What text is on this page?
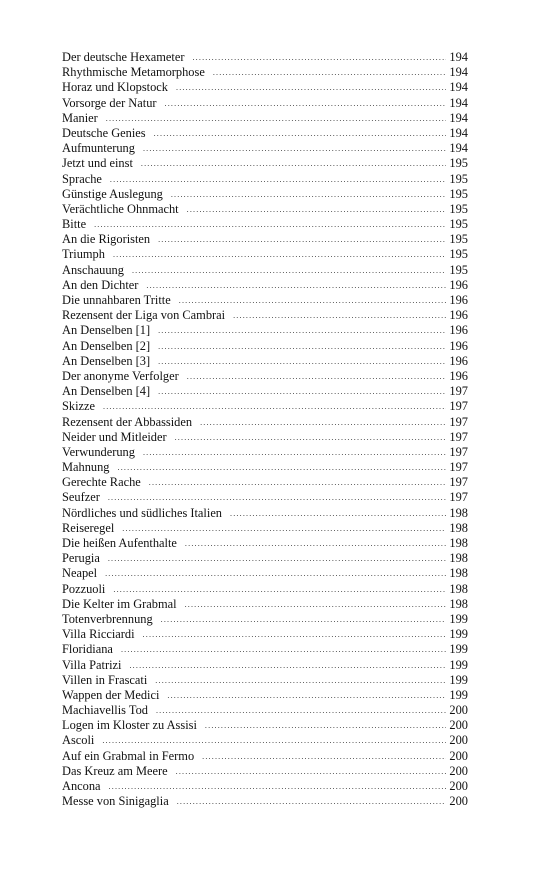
Der deutsche Hexameter .....	194
Rhythmische Metamorphose .....	194
Horaz und Klopstock .....	194
Vorsorge der Natur .....	194
Manier .....	194
Deutsche Genies .....	194
Aufmunterung .....	194
Jetzt und einst .....	195
Sprache .....	195
Günstige Auslegung .....	195
Verächtliche Ohnmacht .....	195
Bitte .....	195
An die Rigoristen .....	195
Triumph .....	195
Anschauung .....	195
An den Dichter .....	196
Die unnahbaren Tritte .....	196
Rezensent der Liga von Cambrai .....	196
An Denselben [1] .....	196
An Denselben [2] .....	196
An Denselben [3] .....	196
Der anonyme Verfolger .....	196
An Denselben [4] .....	197
Skizze .....	197
Rezensent der Abbassiden .....	197
Neider und Mitleider .....	197
Verwunderung .....	197
Mahnung .....	197
Gerechte Rache .....	197
Seufzer .....	197
Nördliches und südliches Italien .....	198
Reiseregel .....	198
Die heißen Aufenthalte .....	198
Perugia .....	198
Neapel .....	198
Pozzuoli .....	198
Die Kelter im Grabmal .....	198
Totenverbrennung .....	199
Villa Ricciardi .....	199
Floridiana .....	199
Villa Patrizi .....	199
Villen in Frascati .....	199
Wappen der Medici .....	199
Machiavellis Tod .....	200
Logen im Kloster zu Assisi .....	200
Ascoli .....	200
Auf ein Grabmal in Fermo .....	200
Das Kreuz am Meere .....	200
Ancona .....	200
Messe von Sinigaglia .....	200
